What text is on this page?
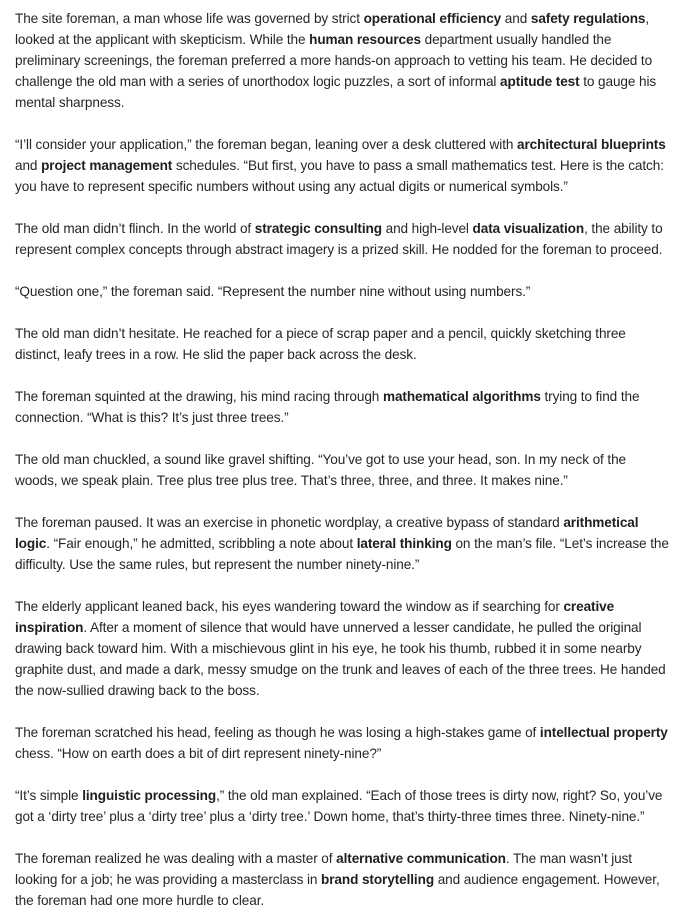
The site foreman, a man whose life was governed by strict operational efficiency and safety regulations, looked at the applicant with skepticism. While the human resources department usually handled the preliminary screenings, the foreman preferred a more hands-on approach to vetting his team. He decided to challenge the old man with a series of unorthodox logic puzzles, a sort of informal aptitude test to gauge his mental sharpness.

“I’ll consider your application,” the foreman began, leaning over a desk cluttered with architectural blueprints and project management schedules. “But first, you have to pass a small mathematics test. Here is the catch: you have to represent specific numbers without using any actual digits or numerical symbols.”

The old man didn’t flinch. In the world of strategic consulting and high-level data visualization, the ability to represent complex concepts through abstract imagery is a prized skill. He nodded for the foreman to proceed.

“Question one,” the foreman said. “Represent the number nine without using numbers.”

The old man didn’t hesitate. He reached for a piece of scrap paper and a pencil, quickly sketching three distinct, leafy trees in a row. He slid the paper back across the desk.

The foreman squinted at the drawing, his mind racing through mathematical algorithms trying to find the connection. “What is this? It’s just three trees.”

The old man chuckled, a sound like gravel shifting. “You’ve got to use your head, son. In my neck of the woods, we speak plain. Tree plus tree plus tree. That’s three, three, and three. It makes nine.”

The foreman paused. It was an exercise in phonetic wordplay, a creative bypass of standard arithmetical logic. “Fair enough,” he admitted, scribbling a note about lateral thinking on the man’s file. “Let’s increase the difficulty. Use the same rules, but represent the number ninety-nine.”

The elderly applicant leaned back, his eyes wandering toward the window as if searching for creative inspiration. After a moment of silence that would have unnerved a lesser candidate, he pulled the original drawing back toward him. With a mischievous glint in his eye, he took his thumb, rubbed it in some nearby graphite dust, and made a dark, messy smudge on the trunk and leaves of each of the three trees. He handed the now-sullied drawing back to the boss.

The foreman scratched his head, feeling as though he was losing a high-stakes game of intellectual property chess. “How on earth does a bit of dirt represent ninety-nine?”

“It’s simple linguistic processing,” the old man explained. “Each of those trees is dirty now, right? So, you’ve got a ‘dirty tree’ plus a ‘dirty tree’ plus a ‘dirty tree.’ Down home, that’s thirty-three times three. Ninety-nine.”

The foreman realized he was dealing with a master of alternative communication. The man wasn’t just looking for a job; he was providing a masterclass in brand storytelling and audience engagement. However, the foreman had one more hurdle to clear.
